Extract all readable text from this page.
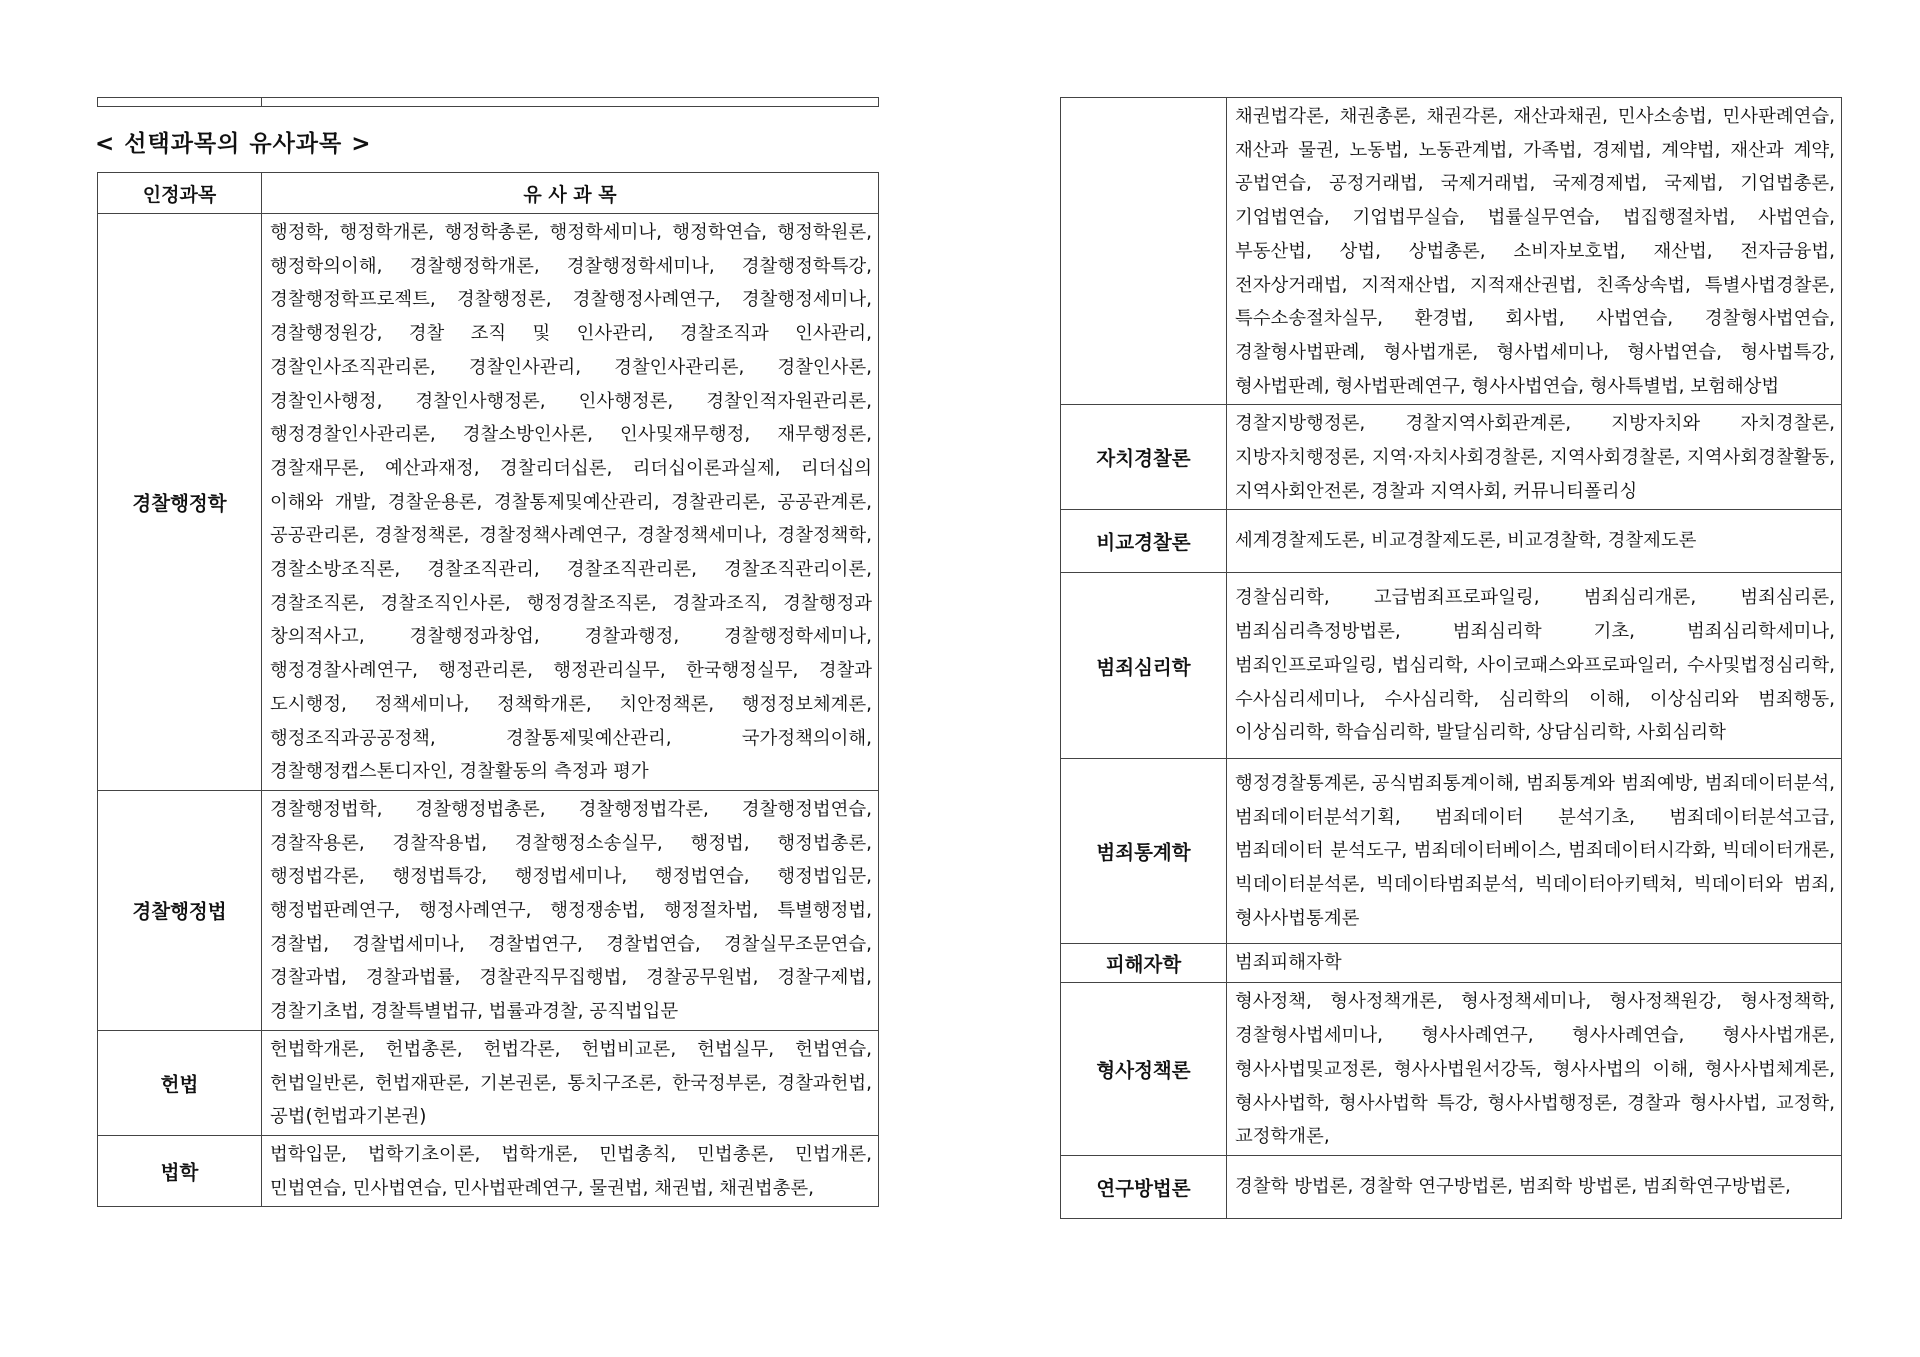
< 선택과목의 유사과목 >
인정과목	유 사 과 목
경찰행정학	행정학, 행정학개론, 행정학총론, 행정학세미나, 행정학연습, 행정학원론, 행정학의이해, 경찰행정학개론, 경찰행정학세미나, 경찰행정학특강, 경찰행정학프로젝트, 경찰행정론, 경찰행정사례연구, 경찰행정세미나, 경찰행정원강, 경찰 조직 및 인사관리, 경찰조직과 인사관리, 경찰인사조직관리론, 경찰인사관리, 경찰인사관리론, 경찰인사론, 경찰인사행정, 경찰인사행정론, 인사행정론, 경찰인적자원관리론, 행정경찰인사관리론, 경찰소방인사론, 인사및재무행정, 재무행정론, 경찰재무론, 예산과재정, 경찰리더십론, 리더십이론과실제, 리더십의 이해와 개발, 경찰운용론, 경찰통제및예산관리, 경찰관리론, 공공관계론, 공공관리론, 경찰정책론, 경찰정책사례연구, 경찰정책세미나, 경찰정책학, 경찰소방조직론, 경찰조직관리, 경찰조직관리론, 경찰조직관리이론, 경찰조직론, 경찰조직인사론, 행정경찰조직론, 경찰과조직, 경찰행정과 창의적사고, 경찰행정과창업, 경찰과행정, 경찰행정학세미나, 행정경찰사례연구, 행정관리론, 행정관리실무, 한국행정실무, 경찰과 도시행정, 정책세미나, 정책학개론, 치안정책론, 행정정보체계론, 행정조직과공공정책, 경찰통제및예산관리, 국가정책의이해, 경찰행정캡스톤디자인, 경찰활동의 측정과 평가
경찰행정법	경찰행정법학, 경찰행정법총론, 경찰행정법각론, 경찰행정법연습, 경찰작용론, 경찰작용법, 경찰행정소송실무, 행정법, 행정법총론, 행정법각론, 행정법특강, 행정법세미나, 행정법연습, 행정법입문, 행정법판례연구, 행정사례연구, 행정쟁송법, 행정절차법, 특별행정법, 경찰법, 경찰법세미나, 경찰법연구, 경찰법연습, 경찰실무조문연습, 경찰과법, 경찰과법률, 경찰관직무집행법, 경찰공무원법, 경찰구제법, 경찰기초법, 경찰특별법규, 법률과경찰, 공직법입문
헌법	헌법학개론, 헌법총론, 헌법각론, 헌법비교론, 헌법실무, 헌법연습, 헌법일반론, 헌법재판론, 기본권론, 통치구조론, 한국정부론, 경찰과헌법, 공법(헌법과기본권)
법학	법학입문, 법학기초이론, 법학개론, 민법총칙, 민법총론, 민법개론, 민법연습, 민사법연습, 민사법판례연구, 물권법, 채권법, 채권법총론,
	채권법각론, 채권총론, 채권각론, 재산과채권, 민사소송법, 민사판례연습, 재산과 물권, 노동법, 노동관계법, 가족법, 경제법, 계약법, 재산과 계약, 공법연습, 공정거래법, 국제거래법, 국제경제법, 국제법, 기업법총론, 기업법연습, 기업법무실습, 법률실무연습, 법집행절차법, 사법연습, 부동산법, 상법, 상법총론, 소비자보호법, 재산법, 전자금융법, 전자상거래법, 지적재산법, 지적재산권법, 친족상속법, 특별사법경찰론, 특수소송절차실무, 환경법, 회사법, 사법연습, 경찰형사법연습, 경찰형사법판례, 형사법개론, 형사법세미나, 형사법연습, 형사법특강, 형사법판례, 형사법판례연구, 형사사법연습, 형사특별법, 보험해상법
자치경찰론	경찰지방행정론, 경찰지역사회관계론, 지방자치와 자치경찰론, 지방자치행정론, 지역·자치사회경찰론, 지역사회경찰론, 지역사회경찰활동, 지역사회안전론, 경찰과 지역사회, 커뮤니티폴리싱
비교경찰론	세계경찰제도론, 비교경찰제도론, 비교경찰학, 경찰제도론
범죄심리학	경찰심리학, 고급범죄프로파일링, 범죄심리개론, 범죄심리론, 범죄심리측정방법론, 범죄심리학 기초, 범죄심리학세미나, 범죄인프로파일링, 법심리학, 사이코패스와프로파일러, 수사및법정심리학, 수사심리세미나, 수사심리학, 심리학의 이해, 이상심리와 범죄행동, 이상심리학, 학습심리학, 발달심리학, 상담심리학, 사회심리학
범죄통계학	행정경찰통계론, 공식범죄통계이해, 범죄통계와 범죄예방, 범죄데이터분석, 범죄데이터분석기획, 범죄데이터 분석기초, 범죄데이터분석고급, 범죄데이터 분석도구, 범죄데이터베이스, 범죄데이터시각화, 빅데이터개론, 빅데이터분석론, 빅데이타범죄분석, 빅데이터아키텍쳐, 빅데이터와 범죄, 형사사법통계론
피해자학	범죄피해자학
형사정책론	형사정책, 형사정책개론, 형사정책세미나, 형사정책원강, 형사정책학, 경찰형사법세미나, 형사사례연구, 형사사례연습, 형사사법개론, 형사사법및교정론, 형사사법원서강독, 형사사법의 이해, 형사사법체계론, 형사사법학, 형사사법학 특강, 형사사법행정론, 경찰과 형사사법, 교정학, 교정학개론,
연구방법론	경찰학 방법론, 경찰학 연구방법론, 범죄학 방법론, 범죄학연구방법론,
